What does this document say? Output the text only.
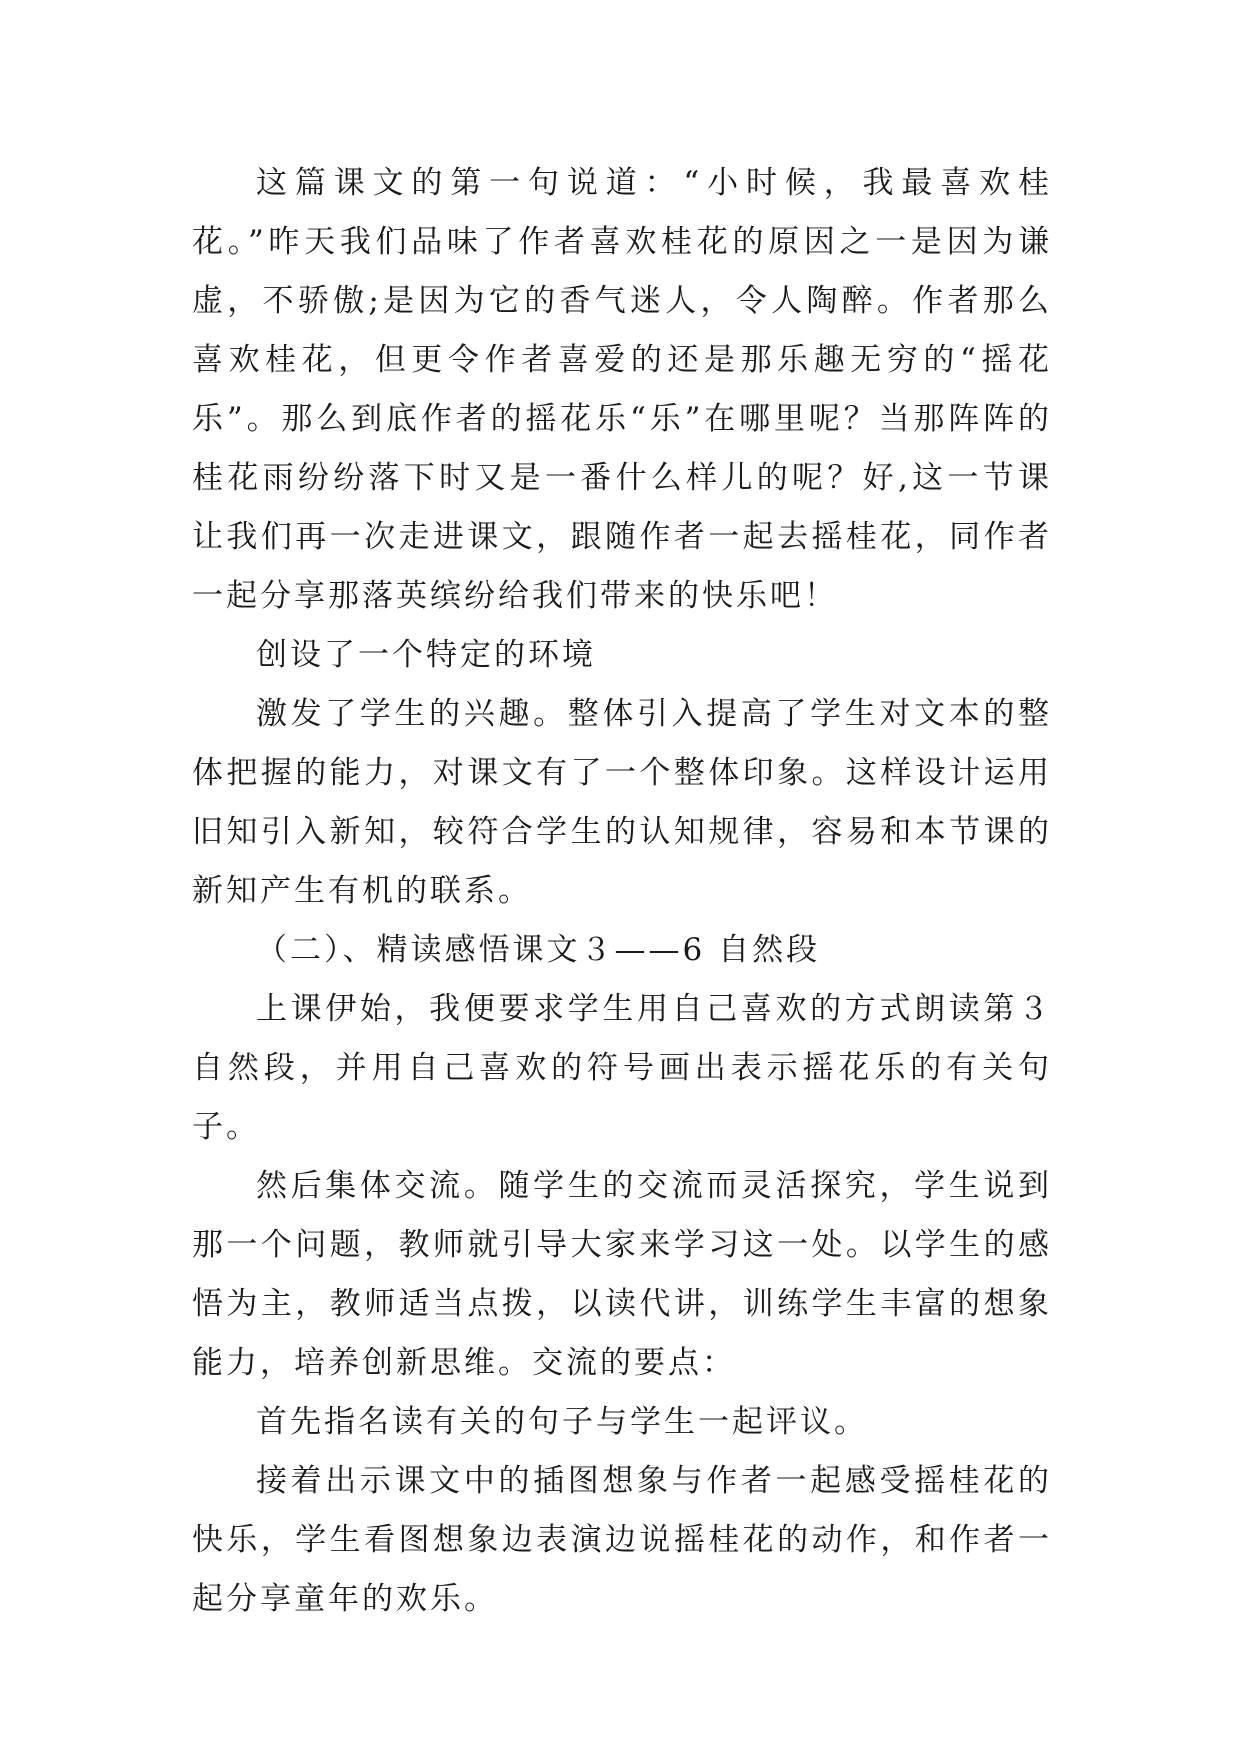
这篇课文的第一句说道：“小时候，我最喜欢桂花。”昨天我们品味了作者喜欢桂花的原因之一是因为谦虚，不骄傲;是因为它的香气迷人，令人陶醉。作者那么喜欢桂花，但更令作者喜爱的还是那乐趣无穷的“摇花乐”。那么到底作者的摇花乐“乐”在哪里呢？当那阵阵的桂花雨纷纷落下时又是一番什么样儿的呢？好,这一节课让我们再一次走进课文，跟随作者一起去摇桂花，同作者一起分享那落英缤纷给我们带来的快乐吧！

创设了一个特定的环境

激发了学生的兴趣。整体引入提高了学生对文本的整体把握的能力，对课文有了一个整体印象。这样设计运用旧知引入新知，较符合学生的认知规律，容易和本节课的新知产生有机的联系。

（二）、精读感悟课文３——6 自然段

上课伊始，我便要求学生用自己喜欢的方式朗读第３自然段，并用自己喜欢的符号画出表示摇花乐的有关句子。

然后集体交流。随学生的交流而灵活探究，学生说到那一个问题，教师就引导大家来学习这一处。以学生的感悟为主，教师适当点拨，以读代讲，训练学生丰富的想象能力，培养创新思维。交流的要点：

首先指名读有关的句子与学生一起评议。

接着出示课文中的插图想象与作者一起感受摇桂花的快乐，学生看图想象边表演边说摇桂花的动作，和作者一起分享童年的欢乐。
